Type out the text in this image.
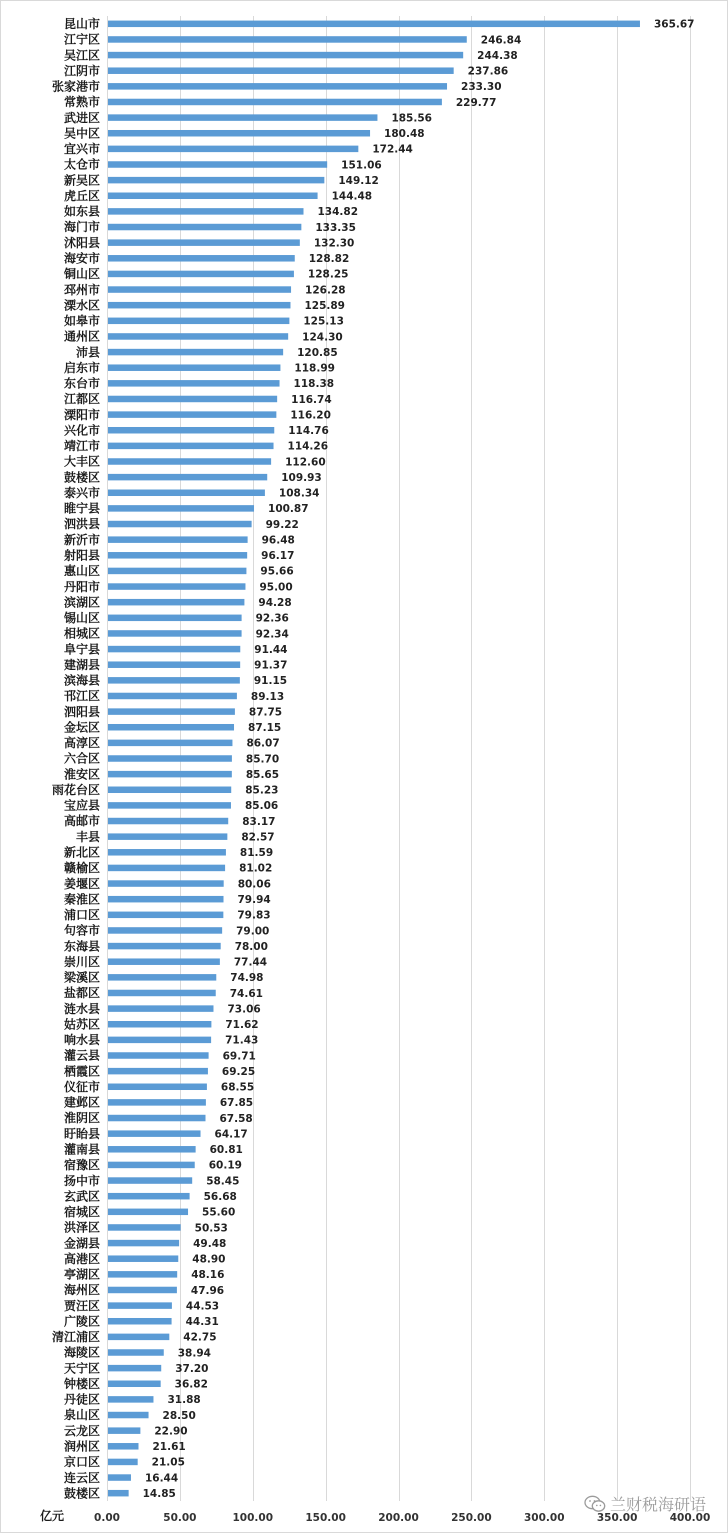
昆山市
江宁区
吴江区
江阴市
张家港市
常熟市
武进区
吴中区
宜兴市
太仓市
新吴区
虎丘区
如东县
海门市
沭阳县
海安市
铜山区
邳州市
溧水区
如皋市
通州区
沛县
启东市
东台市
江都区
溧阳市
兴化市
靖江市
大丰区
鼓楼区
泰兴市
睢宁县
泗洪县
新沂市
射阳县
惠山区
丹阳市
滨湖区
锡山区
相城区
阜宁县
建湖县
滨海县
邗江区
泗阳县
金坛区
高淳区
六合区
淮安区
雨花台区
宝应县
高邮市
丰县
新北区
赣榆区
姜堰区
秦淮区
浦口区
句容市
东海县
崇川区
梁溪区
盐都区
涟水县
姑苏区
响水县
灌云县
栖霞区
仪征市
建邺区
淮阴区
盱眙县
灌南县
宿豫区
扬中市
玄武区
宿城区
洪泽区
金湖县
高港区
亭湖区
海州区
贾汪区
广陵区
清江浦区
海陵区
天宁区
钟楼区
丹徒区
泉山区
云龙区
润州区
京口区
连云区
鼓楼区
365.67
246.84
244.38
237.86
233.30
229.77
185.56
180.48
172.44
151.06
149.12
144.48
134.82
133.35
132.30
128.82
128.25
126.28
125.89
125.13
124.30
120.85
118.99
118.38
116.74
116.20
114.76
114.26
112.60
109.93
108.34
100.87
99.22
96.48
96.17
95.66
95.00
94.28
92.36
92.34
91.44
91.37
91.15
89.13
87.75
87.15
86.07
85.70
85.65
85.23
85.06
83.17
82.57
81.59
81.02
80.06
79.94
79.83
79.00
78.00
77.44
74.98
74.61
73.06
71.62
71.43
69.71
69.25
68.55
67.85
67.58
64.17
60.81
60.19
58.45
56.68
55.60
50.53
49.48
48.90
48.16
47.96
44.53
44.31
42.75
38.94
37.20
36.82
31.88
28.50
22.90
21.61
21.05
16.44
14.85
0.00	50.00	100.00	150.00	200.00	250.00	300.00	350.00	400.00
亿元
兰财税海研语
